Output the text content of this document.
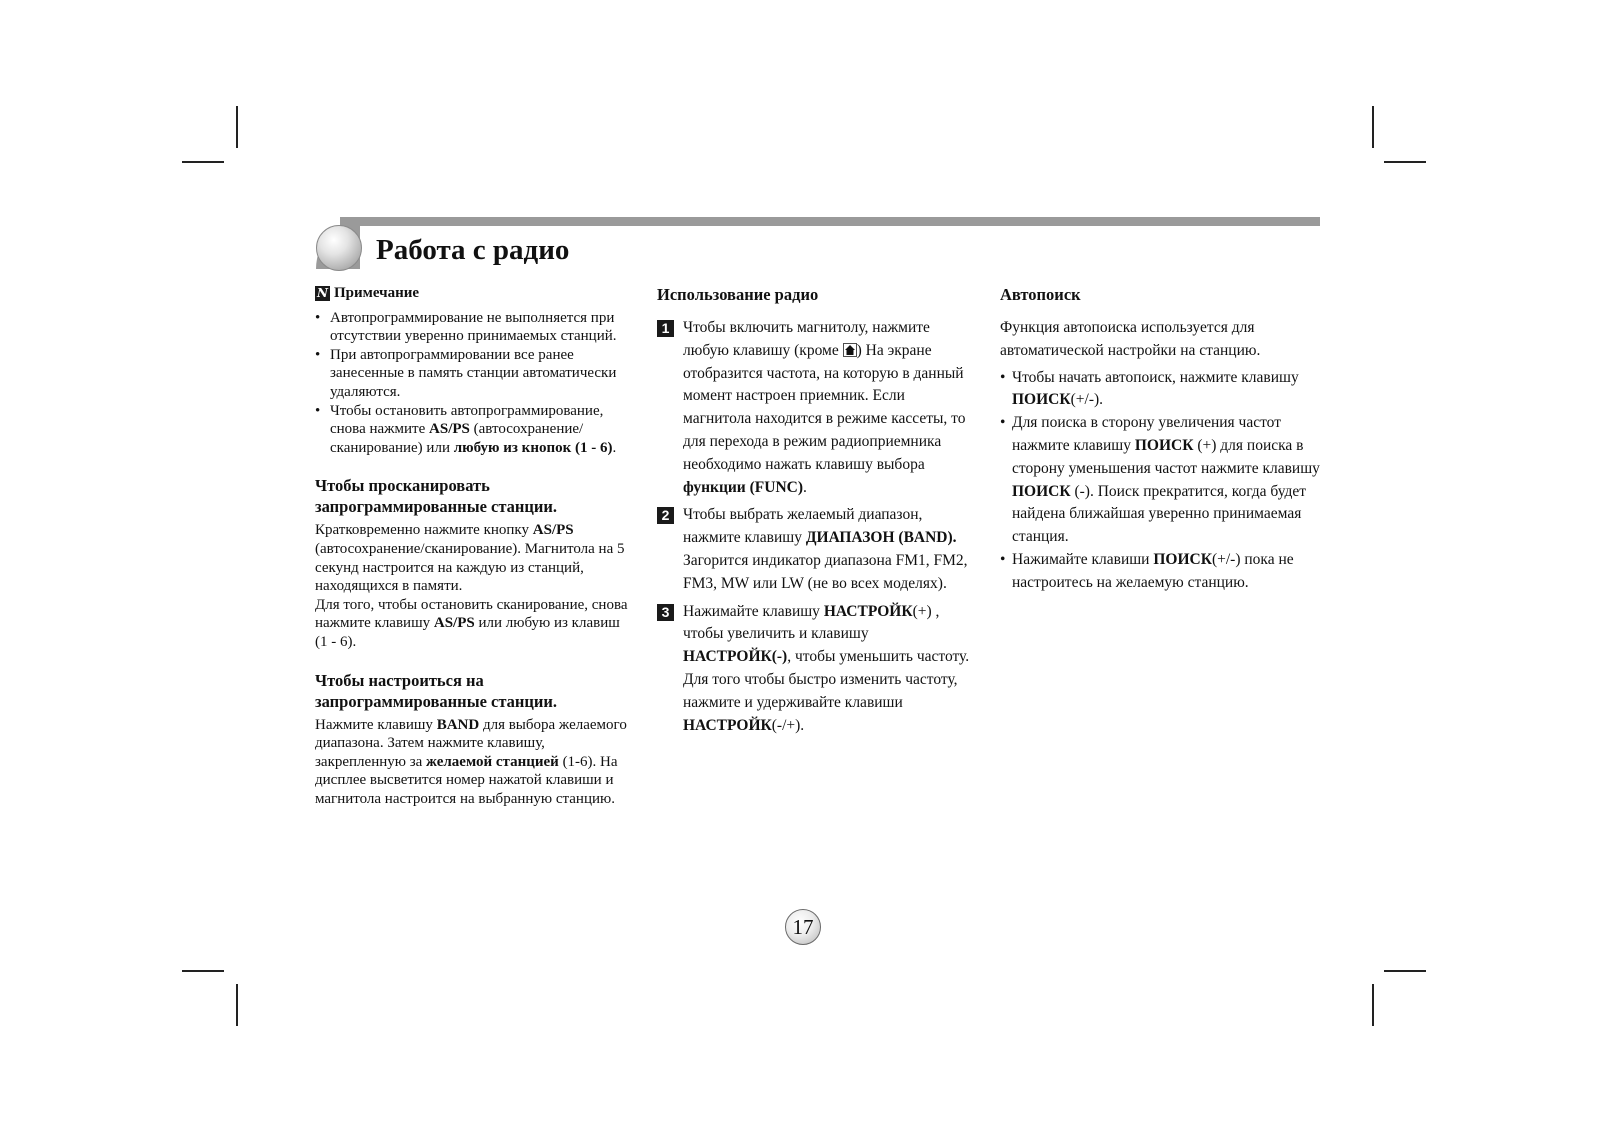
Работа с радио
N Примечание
• Автопрограммирование не выполняется при отсутствии уверенно принимаемых станций.
• При автопрограммировании все ранее занесенные в память станции автоматически удаляются.
• Чтобы остановить автопрограммирование, снова нажмите AS/PS (автосохранение/сканирование) или любую из кнопок (1 - 6).
Чтобы просканировать запрограммированные станции.

Кратковременно нажмите кнопку AS/PS (автосохранение/сканирование). Магнитола на 5 секунд настроится на каждую из станций, находящихся в памяти.

Для того, чтобы остановить сканирование, снова нажмите клавишу AS/PS или любую из клавиш (1 - 6).

Чтобы настроиться на запрограммированные станции.

Нажмите клавишу BAND для выбора желаемого диапазона. Затем нажмите клавишу, закрепленную за желаемой станцией (1-6). На дисплее высветится номер нажатой клавиши и магнитола настроится на выбранную станцию.

Использование радио
1 Чтобы включить магнитолу, нажмите любую клавишу (кроме ) На экране отобразится частота, на которую в данный момент настроен приемник. Если магнитола находится в режиме кассеты, то для перехода в режим радиоприемника необходимо нажать клавишу выбора функции (FUNC).
2 Чтобы выбрать желаемый диапазон, нажмите клавишу ДИАПАЗОН (BAND).
Загорится индикатор диапазона FM1, FM2, FM3, MW или LW (не во всех моделях).
3 Нажимайте клавишу НАСТРОЙК(+) , чтобы увеличить и клавишу НАСТРОЙК(-), чтобы уменьшить частоту. Для того чтобы быстро изменить частоту, нажмите и удерживайте клавиши НАСТРОЙК(-/+).
Автопоиск

Функция автопоиска используется для автоматической настройки на станцию.

• Чтобы начать автопоиск, нажмите клавишу ПОИСК(+/-).
• Для поиска в сторону увеличения частот нажмите клавишу ПОИСК (+) для поиска в сторону уменьшения частот нажмите клавишу ПОИСК (-). Поиск прекратится, когда будет найдена ближайшая уверенно принимаемая станция.
• Нажимайте клавиши ПОИСК(+/-) пока не настроитесь на желаемую станцию.
17
